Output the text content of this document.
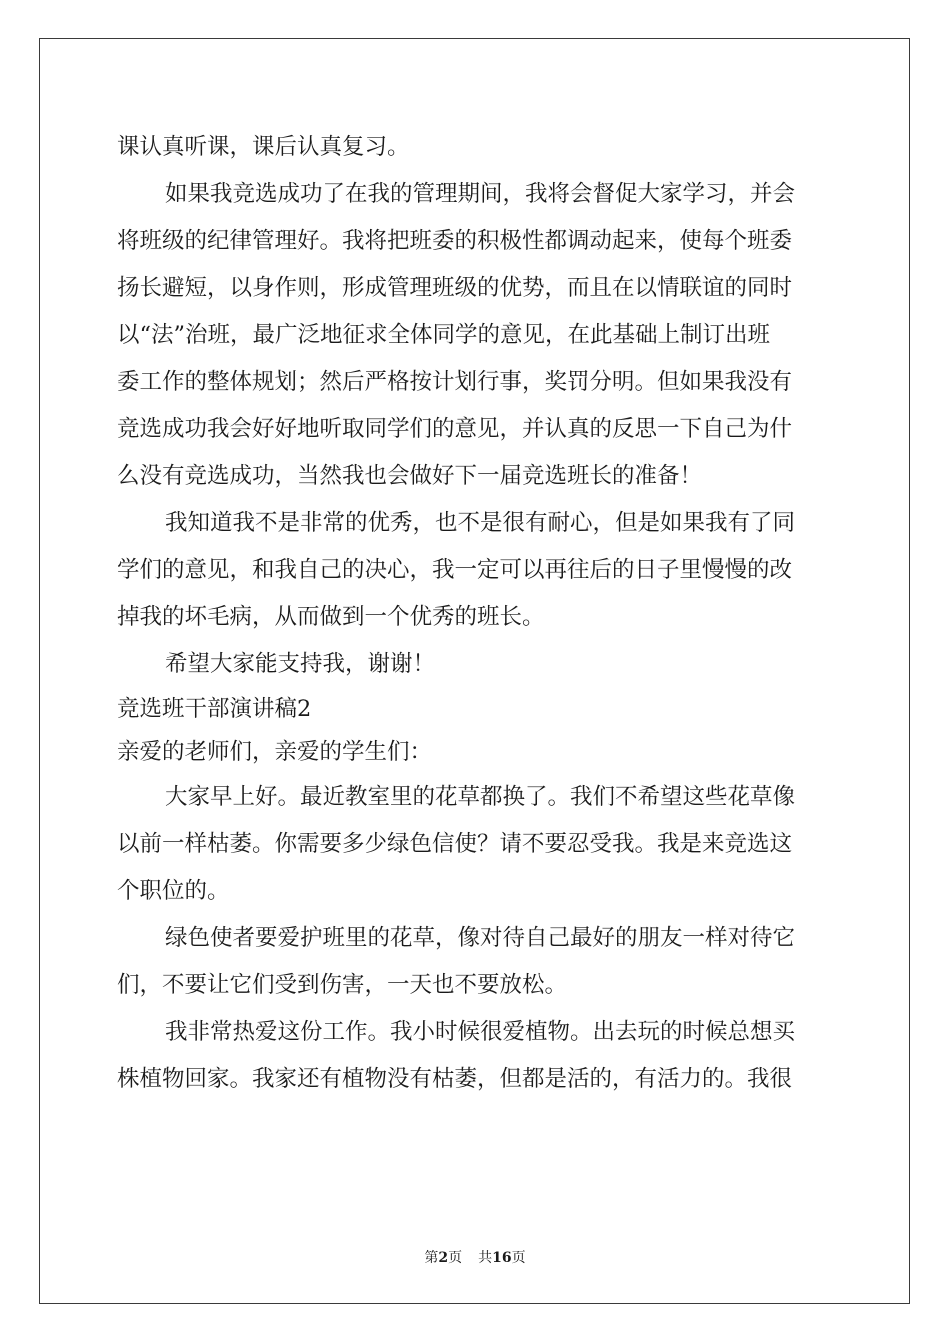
课认真听课，课后认真复习。
如果我竞选成功了在我的管理期间，我将会督促大家学习，并会
将班级的纪律管理好。我将把班委的积极性都调动起来，使每个班委
扬长避短，以身作则，形成管理班级的优势，而且在以情联谊的同时
以“法”治班，最广泛地征求全体同学的意见，在此基础上制订出班
委工作的整体规划；然后严格按计划行事，奖罚分明。但如果我没有
竞选成功我会好好地听取同学们的意见，并认真的反思一下自己为什
么没有竞选成功，当然我也会做好下一届竞选班长的准备！
我知道我不是非常的优秀，也不是很有耐心，但是如果我有了同
学们的意见，和我自己的决心，我一定可以再往后的日子里慢慢的改
掉我的坏毛病，从而做到一个优秀的班长。
希望大家能支持我，谢谢！
竞选班干部演讲稿2
亲爱的老师们，亲爱的学生们：
大家早上好。最近教室里的花草都换了。我们不希望这些花草像
以前一样枯萎。你需要多少绿色信使？请不要忍受我。我是来竞选这
个职位的。
绿色使者要爱护班里的花草，像对待自己最好的朋友一样对待它
们，不要让它们受到伤害，一天也不要放松。
我非常热爱这份工作。我小时候很爱植物。出去玩的时候总想买
株植物回家。我家还有植物没有枯萎，但都是活的，有活力的。我很
第2页 共16页
